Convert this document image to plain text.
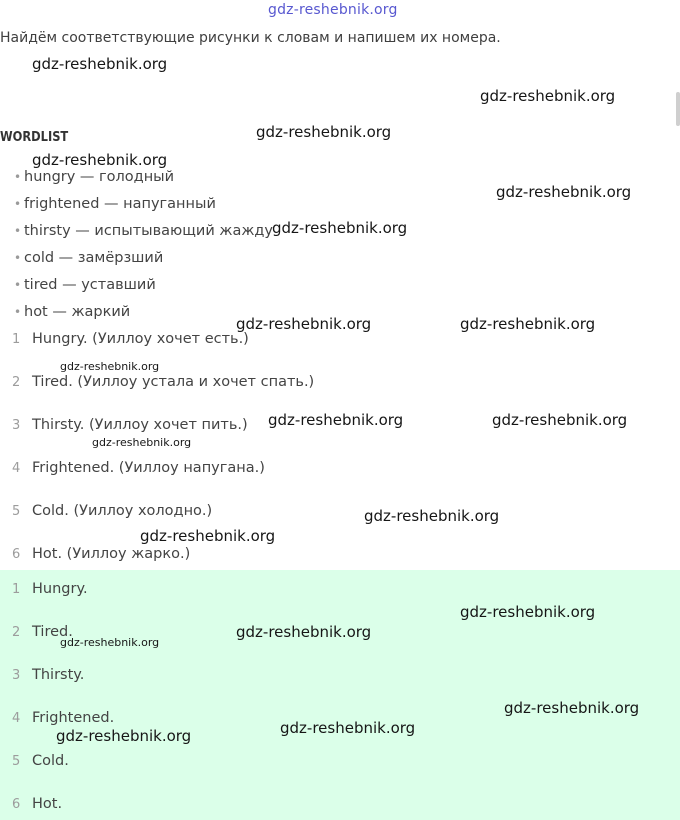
gdz-reshebnik.org
Найдём соответствующие рисунки к словам и напишем их номера.
WORDLIST
• hungry — голодный
• frightened — напуганный
• thirsty — испытывающий жажду
• cold — замёрзший
• tired — уставший
• hot — жаркий
1 Hungry. (Уиллоу хочет есть.)
2 Tired. (Уиллоу устала и хочет спать.)
3 Thirsty. (Уиллоу хочет пить.)
4 Frightened. (Уиллоу напугана.)
5 Cold. (Уиллоу холодно.)
6 Hot. (Уиллоу жарко.)
1 Hungry.
2 Tired.
3 Thirsty.
4 Frightened.
5 Cold.
6 Hot.
gdz-reshebnik.org
gdz-reshebnik.org
gdz-reshebnik.org
gdz-reshebnik.org
gdz-reshebnik.org
gdz-reshebnik.org
gdz-reshebnik.org	gdz-reshebnik.org
gdz-reshebnik.org
gdz-reshebnik.org	gdz-reshebnik.org
gdz-reshebnik.org
gdz-reshebnik.org
gdz-reshebnik.org
gdz-reshebnik.org
gdz-reshebnik.org
gdz-reshebnik.org
gdz-reshebnik.org
gdz-reshebnik.org
gdz-reshebnik.org
